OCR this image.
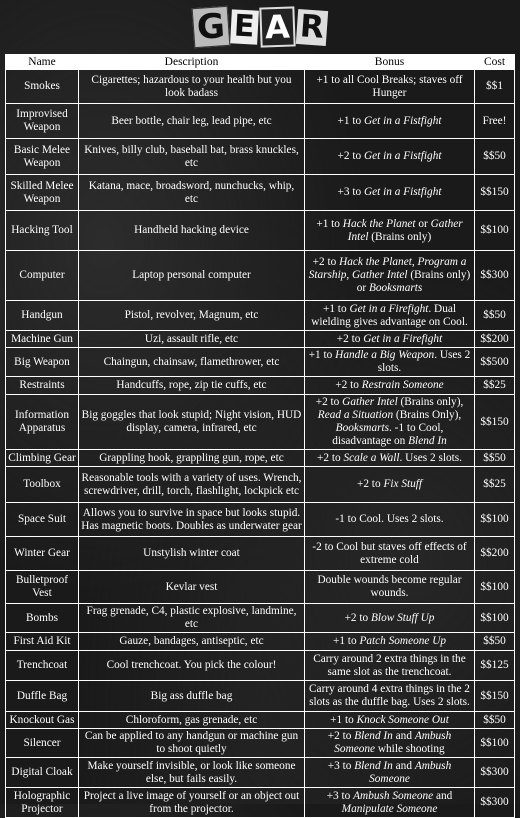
G E A R
Name	Description	Bonus	Cost
Smokes	Cigarettes; hazardous to your health but you look badass	+1 to all Cool Breaks; staves off Hunger	$$1
Improvised Weapon	Beer bottle, chair leg, lead pipe, etc	+1 to Get in a Fistfight	Free!
Basic Melee Weapon	Knives, billy club, baseball bat, brass knuckles, etc	+2 to Get in a Fistfight	$$50
Skilled Melee Weapon	Katana, mace, broadsword, nunchucks, whip, etc	+3 to Get in a Fistfight	$$150
Hacking Tool	Handheld hacking device	+1 to Hack the Planet or Gather Intel (Brains only)	$$100
Computer	Laptop personal computer	+2 to Hack the Planet, Program a Starship, Gather Intel (Brains only) or Booksmarts	$$300
Handgun	Pistol, revolver, Magnum, etc	+1 to Get in a Firefight. Dual wielding gives advantage on Cool.	$$50
Machine Gun	Uzi, assault rifle, etc	+2 to Get in a Firefight	$$200
Big Weapon	Chaingun, chainsaw, flamethrower, etc	+1 to Handle a Big Weapon. Uses 2 slots.	$$500
Restraints	Handcuffs, rope, zip tie cuffs, etc	+2 to Restrain Someone	$$25
Information Apparatus	Big goggles that look stupid; Night vision, HUD display, camera, infrared, etc	+2 to Gather Intel (Brains only), Read a Situation (Brains Only), Booksmarts. -1 to Cool, disadvantage on Blend In	$$150
Climbing Gear	Grappling hook, grappling gun, rope, etc	+2 to Scale a Wall. Uses 2 slots.	$$50
Toolbox	Reasonable tools with a variety of uses. Wrench, screwdriver, drill, torch, flashlight, lockpick etc	+2 to Fix Stuff	$$25
Space Suit	Allows you to survive in space but looks stupid. Has magnetic boots. Doubles as underwater gear	-1 to Cool. Uses 2 slots.	$$100
Winter Gear	Unstylish winter coat	-2 to Cool but staves off effects of extreme cold	$$200
Bulletproof Vest	Kevlar vest	Double wounds become regular wounds.	$$100
Bombs	Frag grenade, C4, plastic explosive, landmine, etc	+2 to Blow Stuff Up	$$100
First Aid Kit	Gauze, bandages, antiseptic, etc	+1 to Patch Someone Up	$$50
Trenchcoat	Cool trenchcoat. You pick the colour!	Carry around 2 extra things in the same slot as the trenchcoat.	$$125
Duffle Bag	Big ass duffle bag	Carry around 4 extra things in the 2 slots as the duffle bag. Uses 2 slots.	$$150
Knockout Gas	Chloroform, gas grenade, etc	+1 to Knock Someone Out	$$50
Silencer	Can be applied to any handgun or machine gun to shoot quietly	+2 to Blend In and Ambush Someone while shooting	$$100
Digital Cloak	Make yourself invisible, or look like someone else, but fails easily.	+3 to Blend In and Ambush Someone	$$300
Holographic Projector	Project a live image of yourself or an object out from the projector.	+3 to Ambush Someone and Manipulate Someone	$$300
